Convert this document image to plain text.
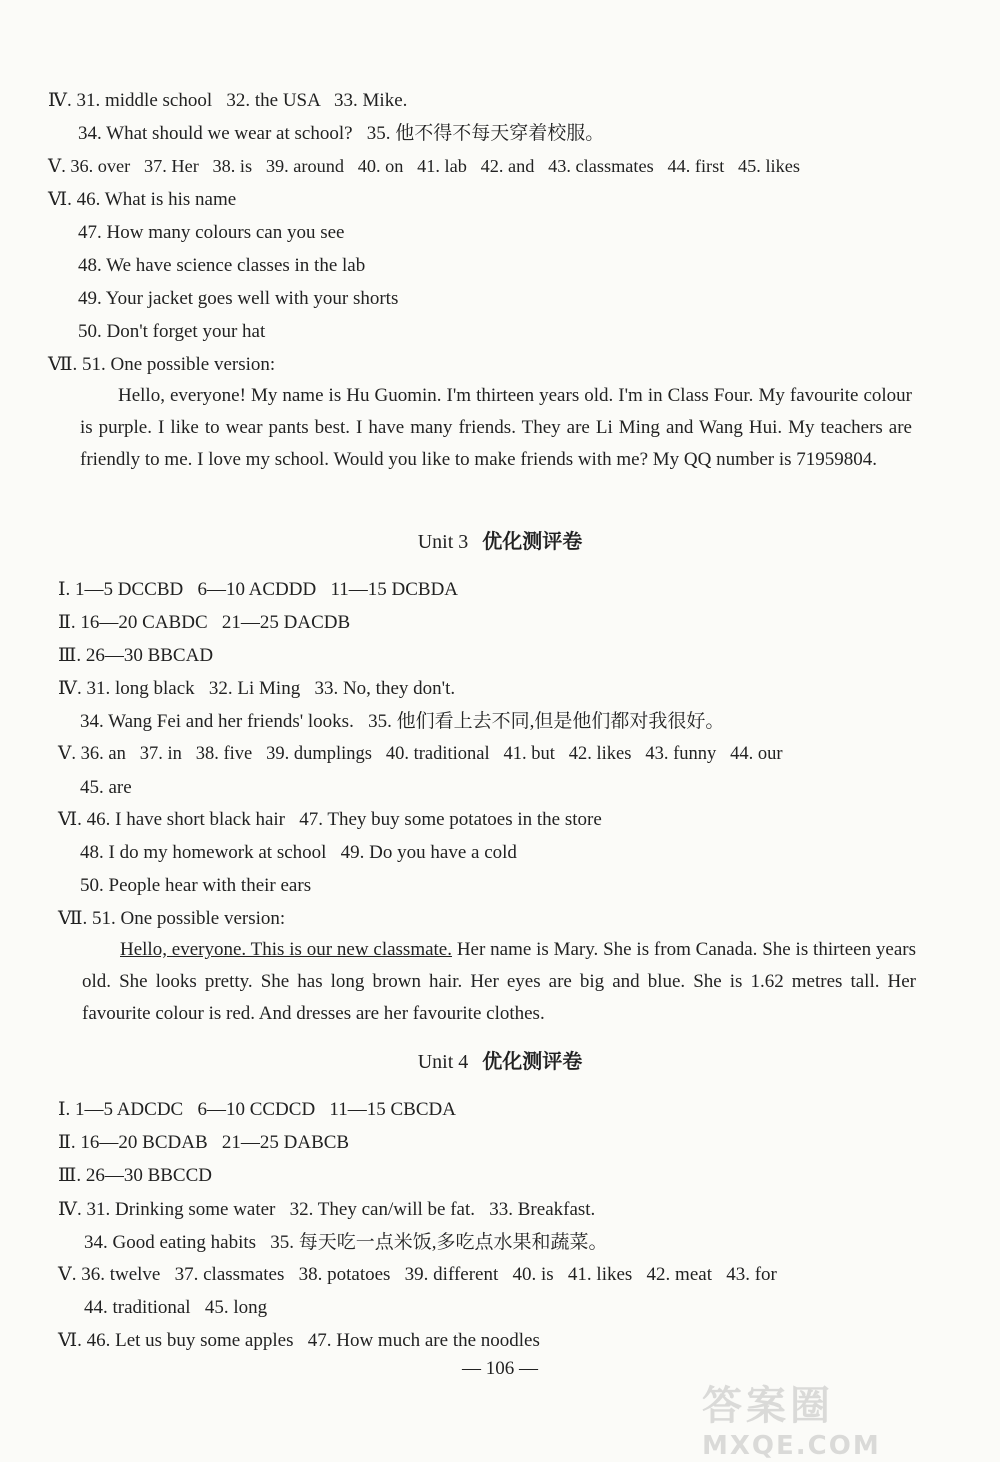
Ⅳ. 31. middle school   32. the USA   33. Mike.
34. What should we wear at school?   35. 他不得不每天穿着校服。
Ⅴ. 36. over   37. Her   38. is   39. around   40. on   41. lab   42. and   43. classmates   44. first   45. likes
Ⅵ. 46. What is his name
47. How many colours can you see
48. We have science classes in the lab
49. Your jacket goes well with your shorts
50. Don't forget your hat
Ⅶ. 51. One possible version:
Hello, everyone! My name is Hu Guomin. I'm thirteen years old. I'm in Class Four. My favourite colour is purple. I like to wear pants best. I have many friends. They are Li Ming and Wang Hui. My teachers are friendly to me. I love my school. Would you like to make friends with me? My QQ number is 71959804.
Unit 3 优化测评卷
Ⅰ. 1—5 DCCBD   6—10 ACDDD   11—15 DCBDA
Ⅱ. 16—20 CABDC   21—25 DACDB
Ⅲ. 26—30 BBCAD
Ⅳ. 31. long black   32. Li Ming   33. No, they don't.
34. Wang Fei and her friends' looks.   35. 他们看上去不同,但是他们都对我很好。
Ⅴ. 36. an   37. in   38. five   39. dumplings   40. traditional   41. but   42. likes   43. funny   44. our
45. are
Ⅵ. 46. I have short black hair   47. They buy some potatoes in the store
48. I do my homework at school   49. Do you have a cold
50. People hear with their ears
Ⅶ. 51. One possible version:
Hello, everyone. This is our new classmate. Her name is Mary. She is from Canada. She is thirteen years old. She looks pretty. She has long brown hair. Her eyes are big and blue. She is 1.62 metres tall. Her favourite colour is red. And dresses are her favourite clothes.
Unit 4 优化测评卷
Ⅰ. 1—5 ADCDC   6—10 CCDCD   11—15 CBCDA
Ⅱ. 16—20 BCDAB   21—25 DABCB
Ⅲ. 26—30 BBCCD
Ⅳ. 31. Drinking some water   32. They can/will be fat.   33. Breakfast.
34. Good eating habits   35. 每天吃一点米饭,多吃点水果和蔬菜。
Ⅴ. 36. twelve   37. classmates   38. potatoes   39. different   40. is   41. likes   42. meat   43. for
44. traditional   45. long
Ⅵ. 46. Let us buy some apples   47. How much are the noodles
— 106 —
答案圈
MXQE.COM
